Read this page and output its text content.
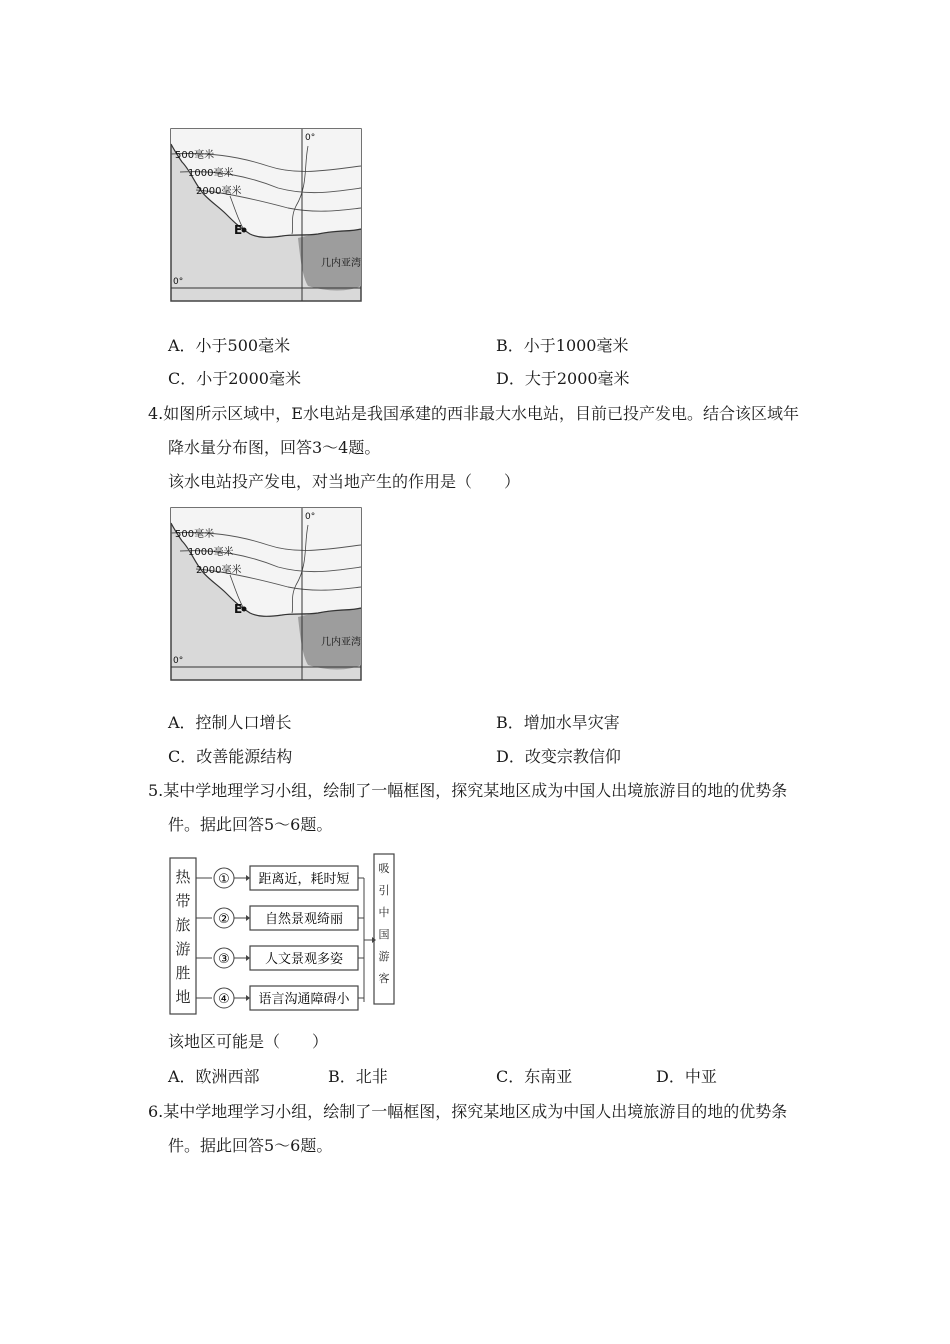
500毫米
1000毫米
2000毫米
E
几内亚湾
0°
0°
A．小于500毫米	B．小于1000毫米
C．小于2000毫米	D．大于2000毫米
4.如图所示区域中，E水电站是我国承建的西非最大水电站，目前已投产发电。结合该区域年
降水量分布图，回答3～4题。
该水电站投产发电，对当地产生的作用是（　　）
500毫米
1000毫米
2000毫米
E
几内亚湾
0°
0°
A．控制人口增长	B．增加水旱灾害
C．改善能源结构	D．改变宗教信仰
5.某中学地理学习小组，绘制了一幅框图，探究某地区成为中国人出境旅游目的地的优势条
件。据此回答5～6题。
① 距离近，耗时短
②	自然景观绮丽
③	人文景观多姿
④ 语言沟通障碍小
热带旅游胜地
吸引中国游客
该地区可能是（　　）
A．欧洲西部	B．北非	C．东南亚	D．中亚
6.某中学地理学习小组，绘制了一幅框图，探究某地区成为中国人出境旅游目的地的优势条
件。据此回答5～6题。
